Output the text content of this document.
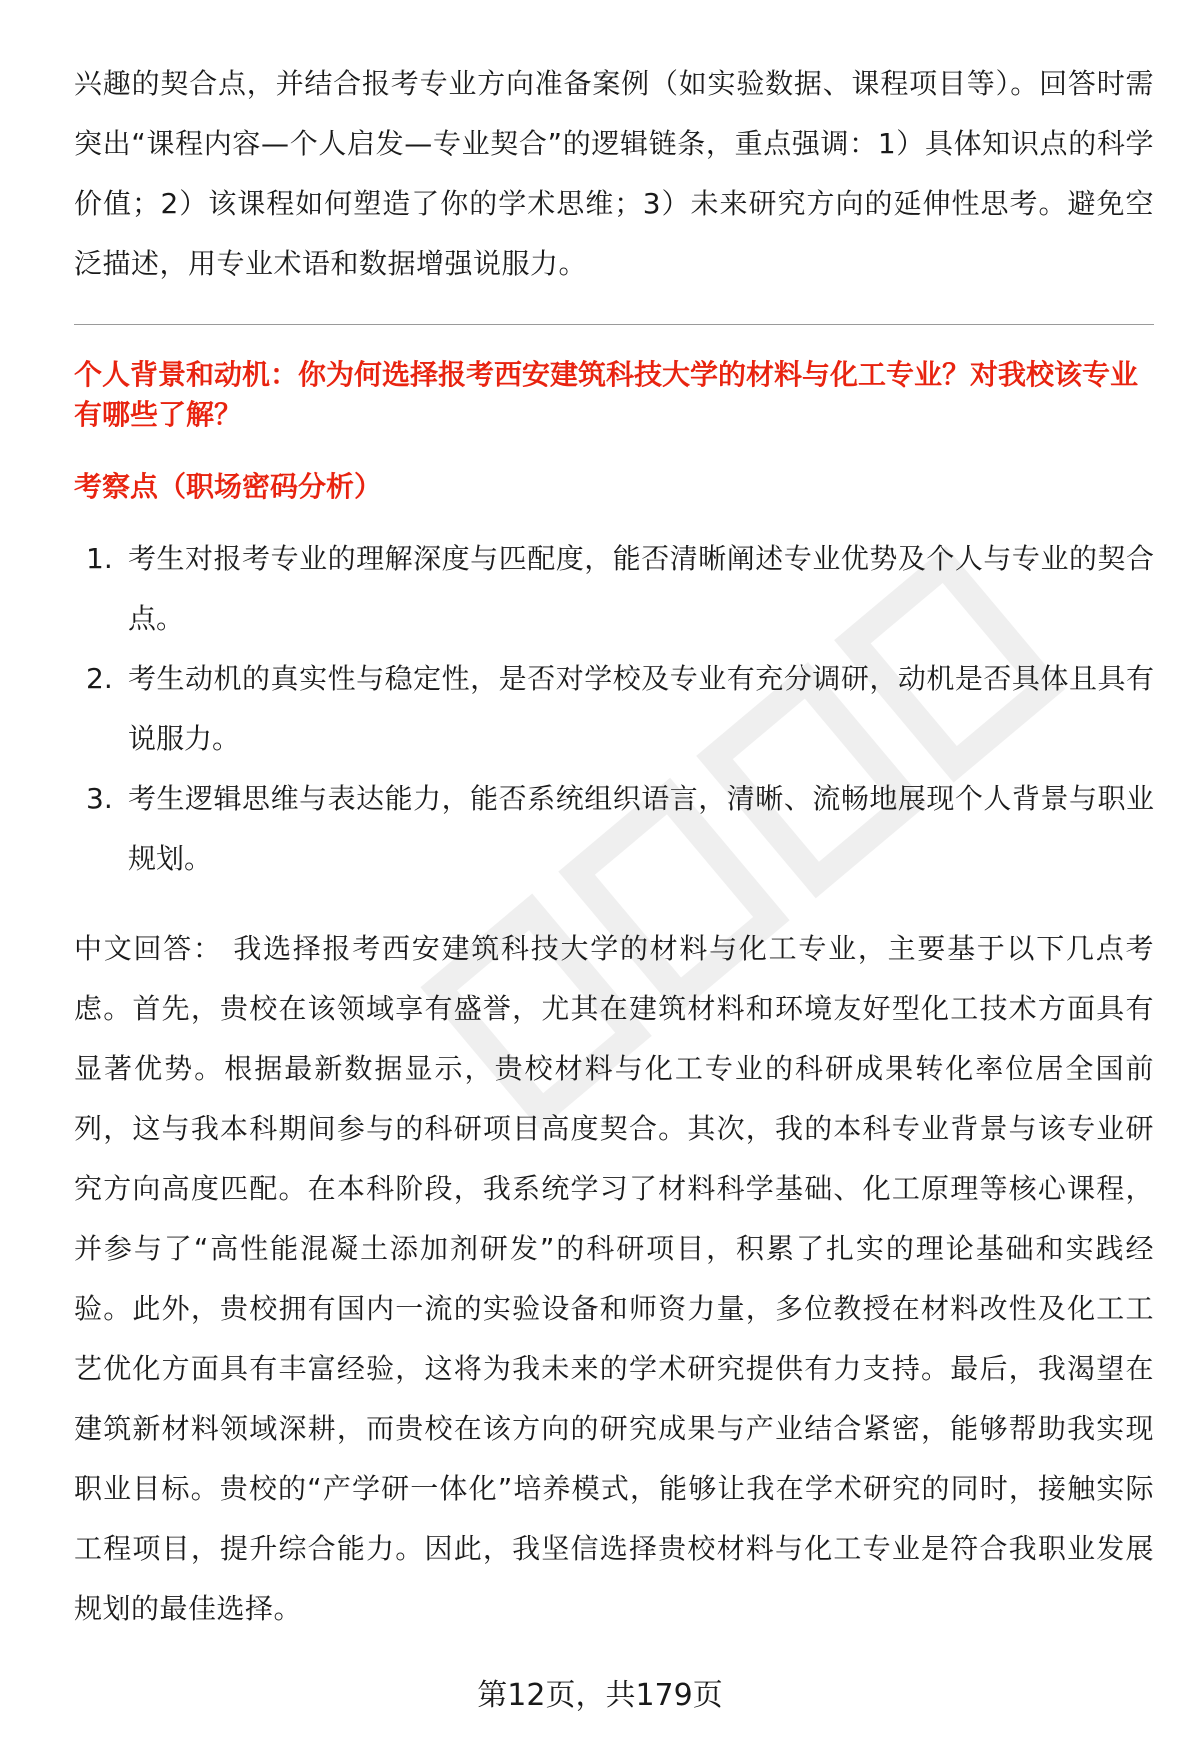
兴趣的契合点，并结合报考专业方向准备案例（如实验数据、课程项目等）。回答时需突出“课程内容—个人启发—专业契合”的逻辑链条，重点强调：1）具体知识点的科学价值；2）该课程如何塑造了你的学术思维；3）未来研究方向的延伸性思考。避免空泛描述，用专业术语和数据增强说服力。

个人背景和动机：你为何选择报考西安建筑科技大学的材料与化工专业？对我校该专业有哪些了解？

考察点（职场密码分析）

1. 考生对报考专业的理解深度与匹配度，能否清晰阐述专业优势及个人与专业的契合点。
2. 考生动机的真实性与稳定性，是否对学校及专业有充分调研，动机是否具体且具有说服力。
3. 考生逻辑思维与表达能力，能否系统组织语言，清晰、流畅地展现个人背景与职业规划。

中文回答： 我选择报考西安建筑科技大学的材料与化工专业，主要基于以下几点考虑。首先，贵校在该领域享有盛誉，尤其在建筑材料和环境友好型化工技术方面具有显著优势。根据最新数据显示，贵校材料与化工专业的科研成果转化率位居全国前列，这与我本科期间参与的科研项目高度契合。其次，我的本科专业背景与该专业研究方向高度匹配。在本科阶段，我系统学习了材料科学基础、化工原理等核心课程，并参与了“高性能混凝土添加剂研发”的科研项目，积累了扎实的理论基础和实践经验。此外，贵校拥有国内一流的实验设备和师资力量，多位教授在材料改性及化工工艺优化方面具有丰富经验，这将为我未来的学术研究提供有力支持。最后，我渴望在建筑新材料领域深耕，而贵校在该方向的研究成果与产业结合紧密，能够帮助我实现职业目标。贵校的“产学研一体化”培养模式，能够让我在学术研究的同时，接触实际工程项目，提升综合能力。因此，我坚信选择贵校材料与化工专业是符合我职业发展规划的最佳选择。

第12页，共179页
